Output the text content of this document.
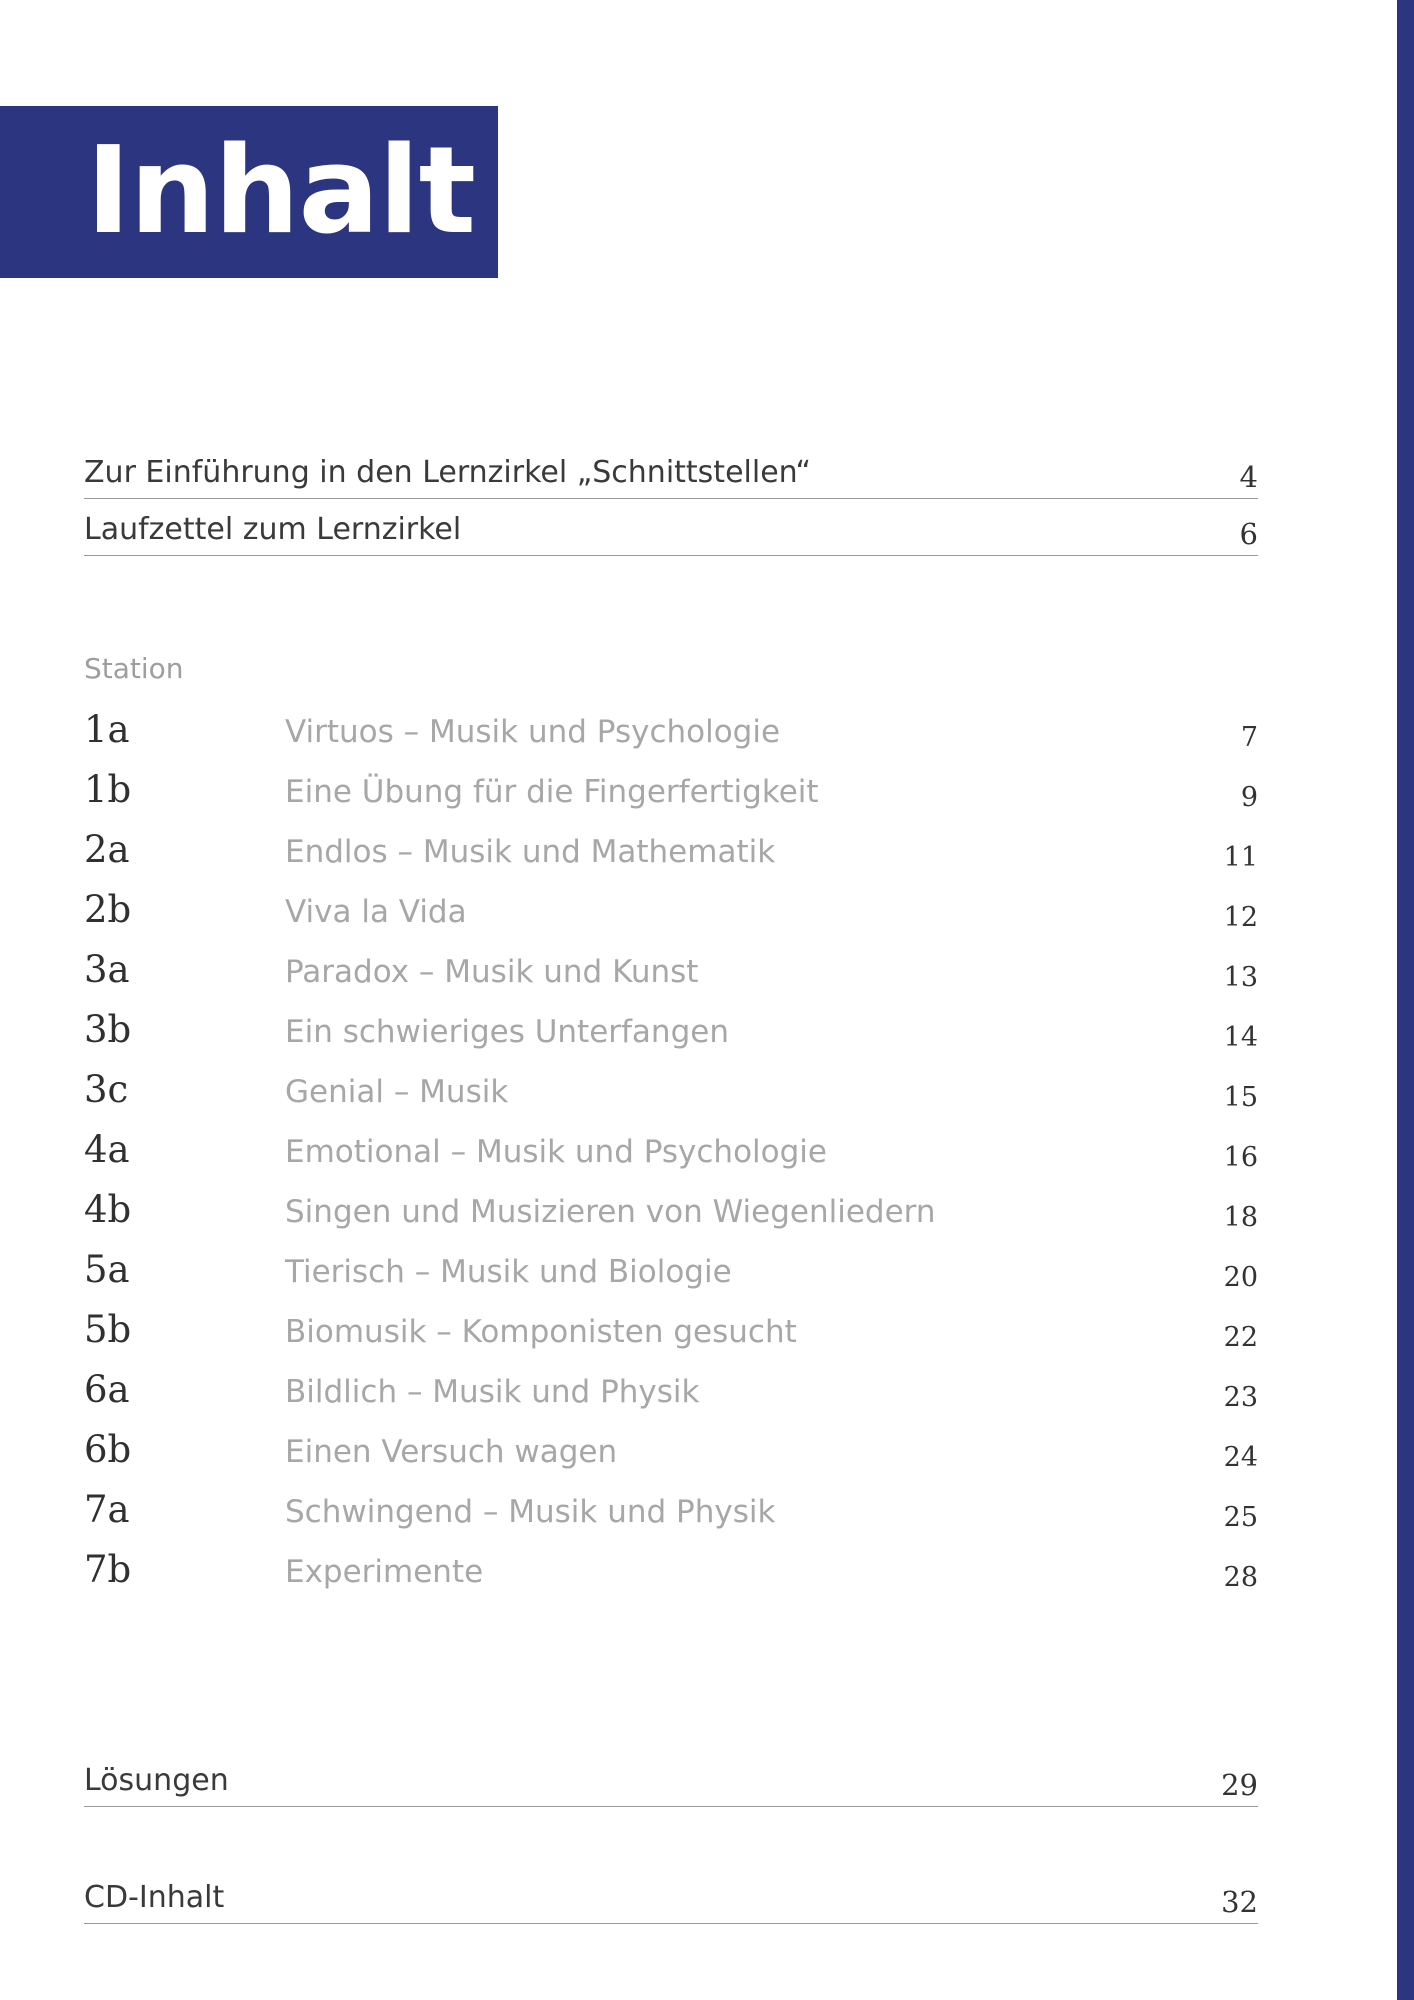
Inhalt
Zur Einführung in den Lernzirkel „Schnittstellen“	4
Laufzettel zum Lernzirkel	6
Station
1a	Virtuos – Musik und Psychologie	7
1b	Eine Übung für die Fingerfertigkeit	9
2a	Endlos – Musik und Mathematik	11
2b	Viva la Vida	12
3a	Paradox – Musik und Kunst	13
3b	Ein schwieriges Unterfangen	14
3c	Genial – Musik	15
4a	Emotional – Musik und Psychologie	16
4b	Singen und Musizieren von Wiegenliedern	18
5a	Tierisch – Musik und Biologie	20
5b	Biomusik – Komponisten gesucht	22
6a	Bildlich – Musik und Physik	23
6b	Einen Versuch wagen	24
7a	Schwingend – Musik und Physik	25
7b	Experimente	28
Lösungen	29
CD-Inhalt	32
